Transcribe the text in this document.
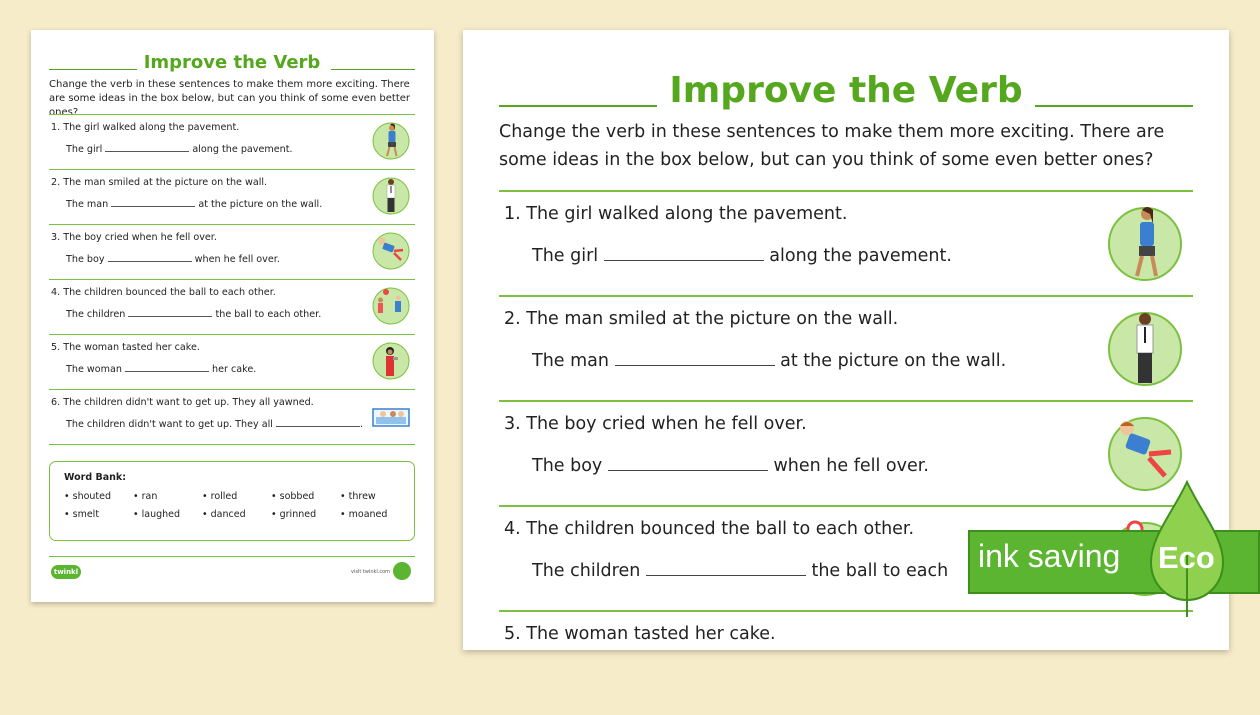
Improve the Verb
Change the verb in these sentences to make them more exciting. There are some ideas in the box below, but can you think of some even better ones?
1. The girl walked along the pavement.
The girl	along the pavement.
2. The man smiled at the picture on the wall.
The man	at the picture on the wall.
3. The boy cried when he fell over.
The boy	when he fell over.
4. The children bounced the ball to each other.
The children	the ball to each other.
5. The woman tasted her cake.
The woman	her cake.
6. The children didn't want to get up. They all yawned.
The children didn't want to get up. They all	.
Word Bank:
• shouted	• ran	• rolled	• sobbed	• threw
• smelt	• laughed	• danced	• grinned	• moaned
twinkl	visit twinkl.com
Improve the Verb
Change the verb in these sentences to make them more exciting. There are some ideas in the box below, but can you think of some even better ones?
1. The girl walked along the pavement.
The girl	along the pavement.
2. The man smiled at the picture on the wall.
The man	at the picture on the wall.
3. The boy cried when he fell over.
The boy	when he fell over.
4. The children bounced the ball to each other.
The children	the ball to each
5. The woman tasted her cake.
ink saving Eco
